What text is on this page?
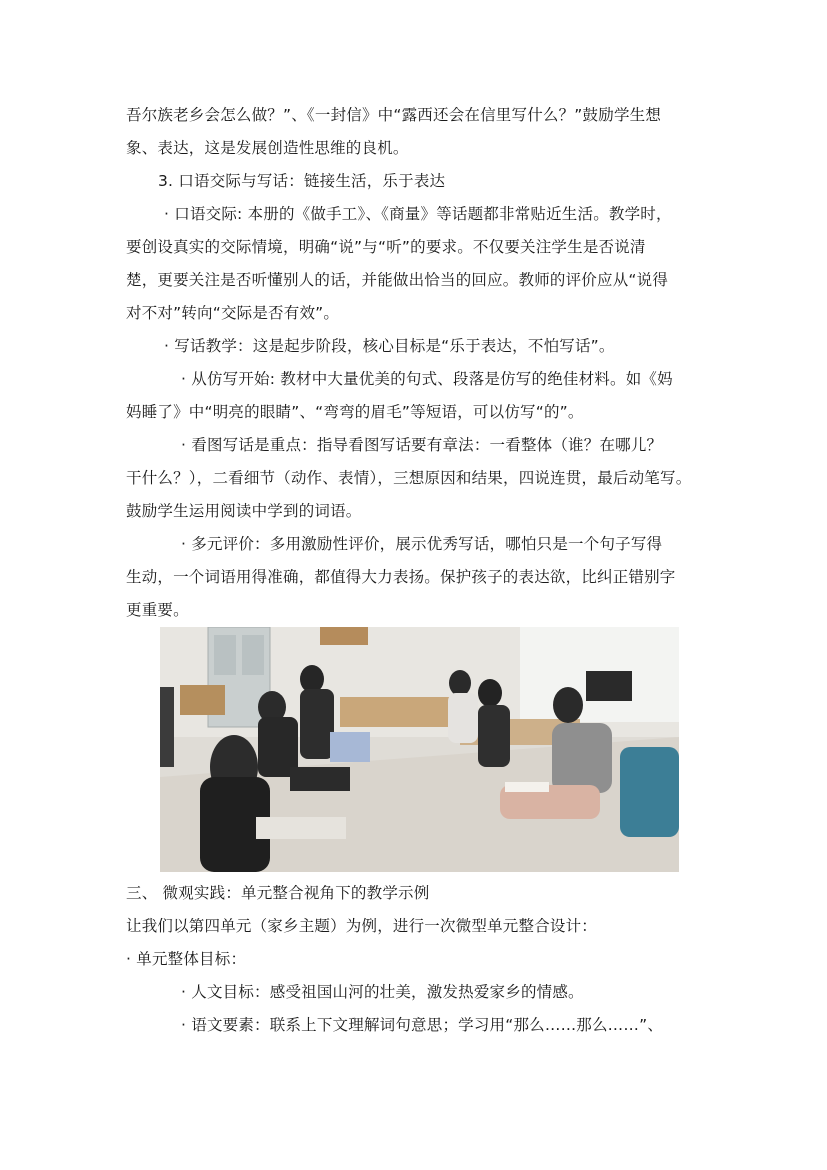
吾尔族老乡会怎么做？”、《一封信》中“露西还会在信里写什么？”鼓励学生想
象、表达，这是发展创造性思维的良机。
3. 口语交际与写话：链接生活，乐于表达
· 口语交际: 本册的《做手工》、《商量》等话题都非常贴近生活。教学时，
要创设真实的交际情境，明确“说”与“听”的要求。不仅要关注学生是否说清
楚，更要关注是否听懂别人的话，并能做出恰当的回应。教师的评价应从“说得
对不对”转向“交际是否有效”。
· 写话教学：这是起步阶段，核心目标是“乐于表达，不怕写话”。
· 从仿写开始: 教材中大量优美的句式、段落是仿写的绝佳材料。如《妈
妈睡了》中“明亮的眼睛”、“弯弯的眉毛”等短语，可以仿写“的”。
· 看图写话是重点：指导看图写话要有章法：一看整体（谁？在哪儿？
干什么？），二看细节（动作、表情），三想原因和结果，四说连贯，最后动笔写。
鼓励学生运用阅读中学到的词语。
· 多元评价：多用激励性评价，展示优秀写话，哪怕只是一个句子写得
生动，一个词语用得准确，都值得大力表扬。保护孩子的表达欲，比纠正错别字
更重要。
三、 微观实践：单元整合视角下的教学示例
让我们以第四单元（家乡主题）为例，进行一次微型单元整合设计：
· 单元整体目标：
· 人文目标：感受祖国山河的壮美，激发热爱家乡的情感。
· 语文要素：联系上下文理解词句意思；学习用“那么……那么……”、
